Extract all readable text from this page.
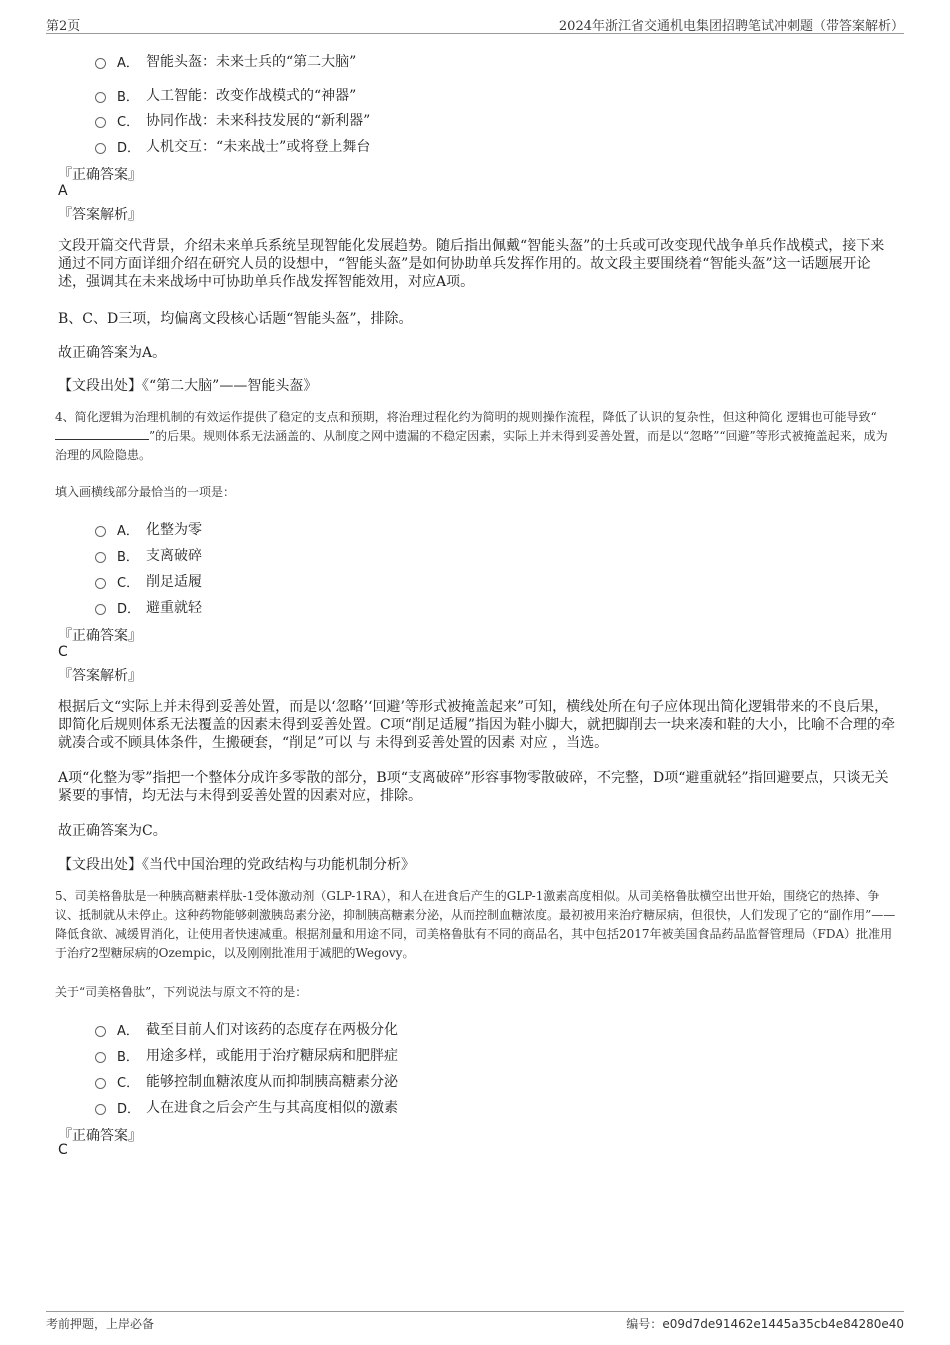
第2页	2024年浙江省交通机电集团招聘笔试冲刺题（带答案解析）
A． 智能头盔：未来士兵的“第二大脑”
B． 人工智能：改变作战模式的“神器”
C． 协同作战：未来科技发展的“新利器”
D． 人机交互：“未来战士”或将登上舞台
『正确答案』
A
『答案解析』
文段开篇交代背景，介绍未来单兵系统呈现智能化发展趋势。随后指出佩戴“智能头盔”的士兵或可改变现代战争单兵作战模式，接下来通过不同方面详细介绍在研究人员的设想中，“智能头盔”是如何协助单兵发挥作用的。故文段主要围绕着“智能头盔”这一话题展开论述，强调其在未来战场中可协助单兵作战发挥智能效用，对应A项。
B、C、D三项，均偏离文段核心话题“智能头盔”，排除。
故正确答案为A。
【文段出处】《“第二大脑”——智能头盔》
4、简化逻辑为治理机制的有效运作提供了稳定的支点和预期，将治理过程化约为简明的规则操作流程，降低了认识的复杂性，但这种简化 逻辑也可能导致“”的后果。规则体系无法涵盖的、从制度之网中遗漏的不稳定因素，实际上并未得到妥善处置，而是以“忽略”“回避”等形式被掩盖起来，成为治理的风险隐患。
填入画横线部分最恰当的一项是：
A． 化整为零
B． 支离破碎
C． 削足适履
D． 避重就轻
『正确答案』
C
『答案解析』
根据后文“实际上并未得到妥善处置，而是以‘忽略’‘回避’等形式被掩盖起来”可知，横线处所在句子应体现出简化逻辑带来的不良后果，即简化后规则体系无法覆盖的因素未得到妥善处置。C项“削足适履”指因为鞋小脚大，就把脚削去一块来凑和鞋的大小，比喻不合理的牵就凑合或不顾具体条件，生搬硬套，“削足”可以 与 未得到妥善处置的因素 对应 ，当选。
A项“化整为零”指把一个整体分成许多零散的部分，B项“支离破碎”形容事物零散破碎，不完整，D项“避重就轻”指回避要点，只谈无关紧要的事情，均无法与未得到妥善处置的因素对应，排除。
故正确答案为C。
【文段出处】《当代中国治理的党政结构与功能机制分析》
5、司美格鲁肽是一种胰高糖素样肽-1受体激动剂（GLP-1RA），和人在进食后产生的GLP-1激素高度相似。从司美格鲁肽横空出世开始，围绕它的热捧、争议、抵制就从未停止。这种药物能够刺激胰岛素分泌，抑制胰高糖素分泌，从而控制血糖浓度。最初被用来治疗糖尿病，但很快，人们发现了它的“副作用”——降低食欲、减缓胃消化，让使用者快速减重。根据剂量和用途不同，司美格鲁肽有不同的商品名，其中包括2017年被美国食品药品监督管理局（FDA）批准用于治疗2型糖尿病的Ozempic，以及刚刚批准用于减肥的Wegovy。
关于“司美格鲁肽”，下列说法与原文不符的是：
A． 截至目前人们对该药的态度存在两极分化
B． 用途多样，或能用于治疗糖尿病和肥胖症
C． 能够控制血糖浓度从而抑制胰高糖素分泌
D． 人在进食之后会产生与其高度相似的激素
『正确答案』
C
考前押题，上岸必备	编号：e09d7de91462e1445a35cb4e84280e40
